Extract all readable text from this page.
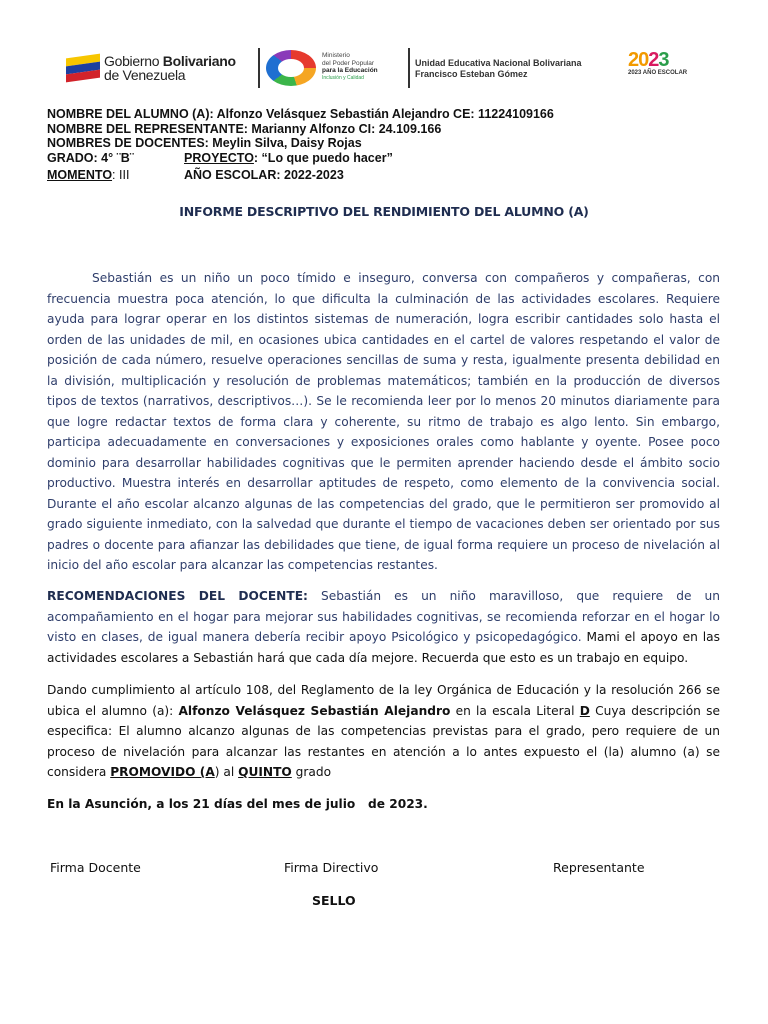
Gobierno Bolivariano
de Venezuela
Ministerio
del Poder Popular
para la Educación
Inclusión y Calidad
Unidad Educativa Nacional Bolivariana
Francisco Esteban Gómez
2023
2023 AÑO ESCOLAR
NOMBRE DEL ALUMNO (A): Alfonzo Velásquez Sebastián Alejandro CE: 11224109166
NOMBRE DEL REPRESENTANTE: Marianny Alfonzo CI: 24.109.166
NOMBRES DE DOCENTES: Meylin Silva, Daisy Rojas
GRADO: 4° ¨B¨	PROYECTO: “Lo que puedo hacer”
MOMENTO: III	AÑO ESCOLAR: 2022-2023
INFORME DESCRIPTIVO DEL RENDIMIENTO DEL ALUMNO (A)
Sebastián es un niño un poco tímido e inseguro, conversa con compañeros y compañeras, con frecuencia muestra poca atención, lo que dificulta la culminación de las actividades escolares. Requiere ayuda para lograr operar en los distintos sistemas de numeración, logra escribir cantidades solo hasta el orden de las unidades de mil, en ocasiones ubica cantidades en el cartel de valores respetando el valor de posición de cada número, resuelve operaciones sencillas de suma y resta, igualmente presenta debilidad en la división, multiplicación y resolución de problemas matemáticos; también en la producción de diversos tipos de textos (narrativos, descriptivos…). Se le recomienda leer por lo menos 20 minutos diariamente para que logre redactar textos de forma clara y coherente, su ritmo de trabajo es algo lento. Sin embargo, participa adecuadamente en conversaciones y exposiciones orales como hablante y oyente. Posee poco dominio para desarrollar habilidades cognitivas que le permiten aprender haciendo desde el ámbito socio productivo. Muestra interés en desarrollar aptitudes de respeto, como elemento de la convivencia social. Durante el año escolar alcanzo algunas de las competencias del grado, que le permitieron ser promovido al grado siguiente inmediato, con la salvedad que durante el tiempo de vacaciones deben ser orientado por sus padres o docente para afianzar las debilidades que tiene, de igual forma requiere un proceso de nivelación al inicio del año escolar para alcanzar las competencias restantes.
RECOMENDACIONES DEL DOCENTE: Sebastián es un niño maravilloso, que requiere de un acompañamiento en el hogar para mejorar sus habilidades cognitivas, se recomienda reforzar en el hogar lo visto en clases, de igual manera debería recibir apoyo Psicológico y psicopedagógico. Mami el apoyo en las actividades escolares a Sebastián hará que cada día mejore. Recuerda que esto es un trabajo en equipo.
Dando cumplimiento al artículo 108, del Reglamento de la ley Orgánica de Educación y la resolución 266 se ubica el alumno (a): Alfonzo Velásquez Sebastián Alejandro en la escala Literal D Cuya descripción se especifica: El alumno alcanzo algunas de las competencias previstas para el grado, pero requiere de un proceso de nivelación para alcanzar las restantes en atención a lo antes expuesto el (la) alumno (a) se considera PROMOVIDO (A) al QUINTO grado
En la Asunción, a los 21 días del mes de julio   de 2023.
Firma Docente	Firma Directivo	Representante
SELLO
